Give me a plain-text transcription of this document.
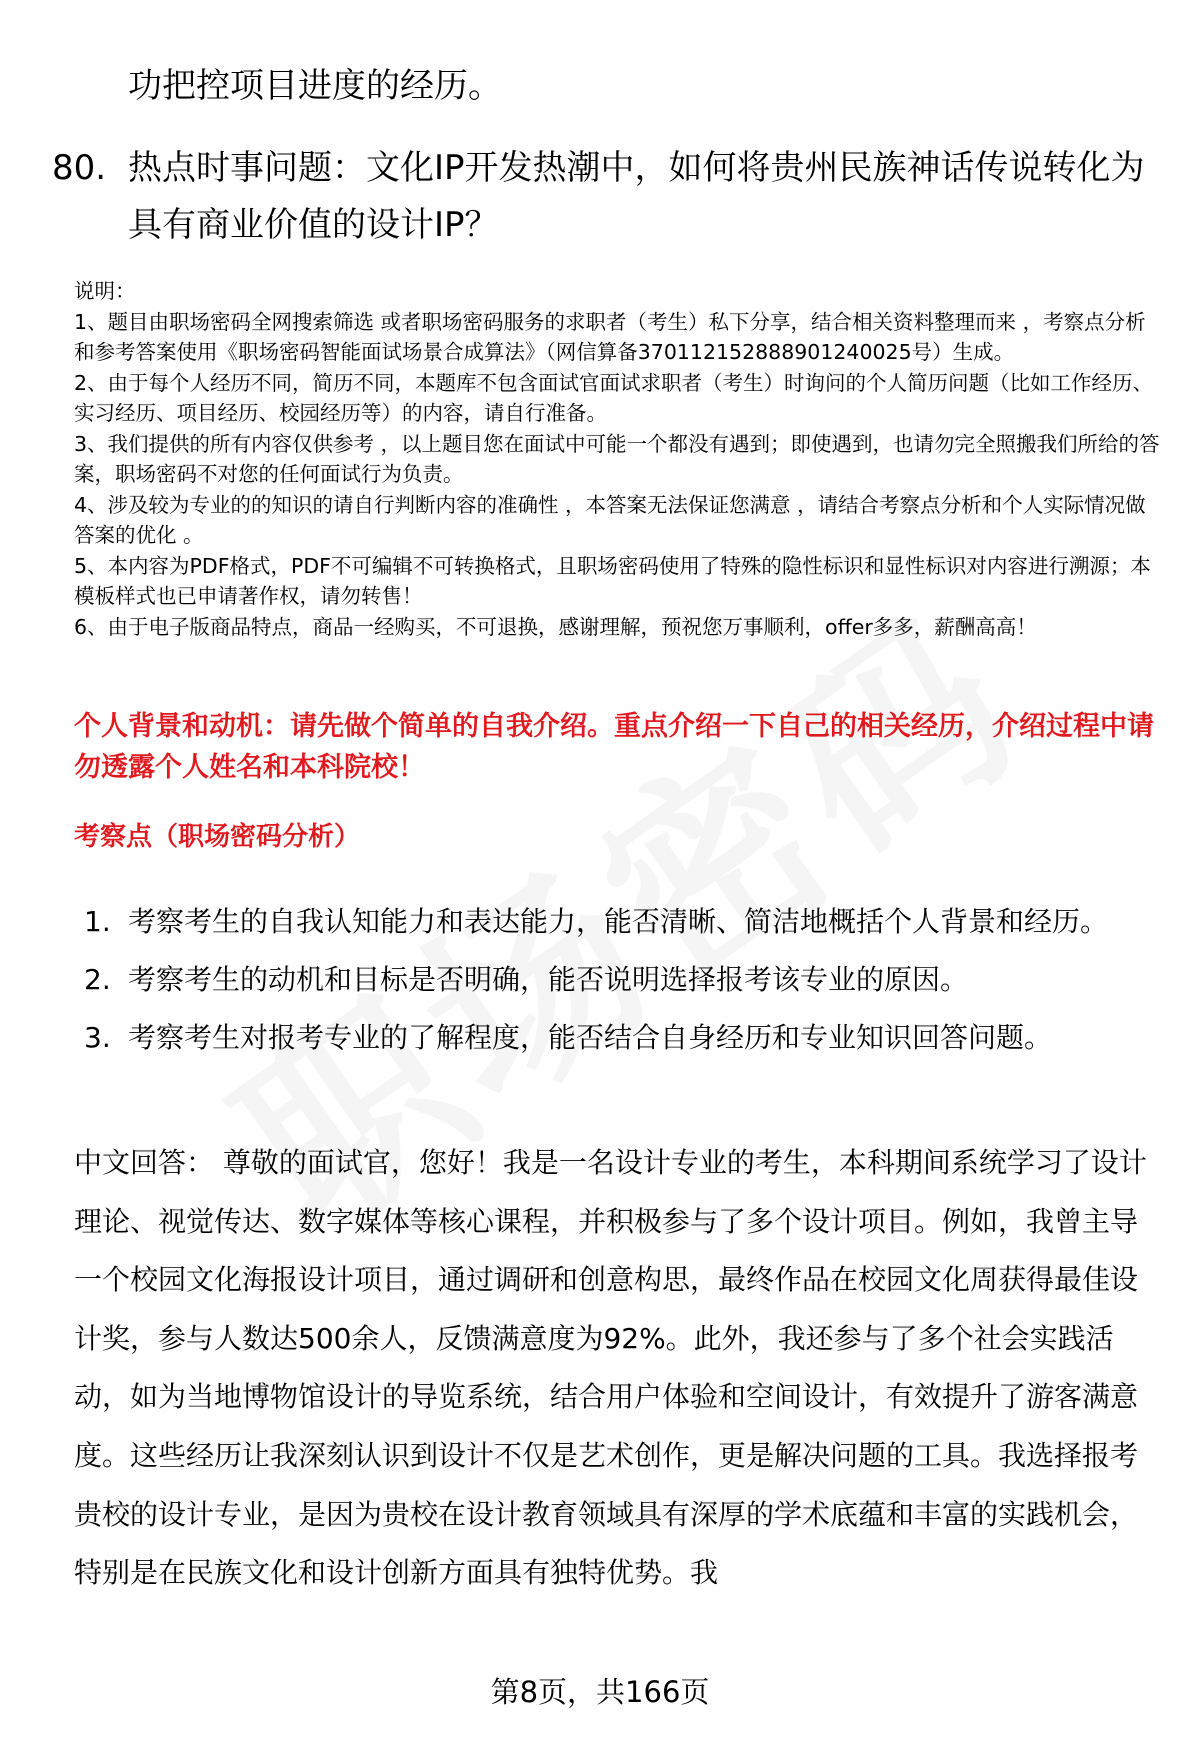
功把控项目进度的经历。

80. 热点时事问题：文化IP开发热潮中，如何将贵州民族神话传说转化为具有商业价值的设计IP？

说明：

1、题目由职场密码全网搜索筛选 或者职场密码服务的求职者（考生）私下分享，结合相关资料整理而来 ，考察点分析和参考答案使用《职场密码智能面试场景合成算法》（网信算备370112152888901240025号）生成。

2、由于每个人经历不同，简历不同，本题库不包含面试官面试求职者（考生）时询问的个人简历问题（比如工作经历、实习经历、项目经历、校园经历等）的内容，请自行准备。

3、我们提供的所有内容仅供参考 ，以上题目您在面试中可能一个都没有遇到；即使遇到，也请勿完全照搬我们所给的答案，职场密码不对您的任何面试行为负责。

4、涉及较为专业的的知识的请自行判断内容的准确性 ，本答案无法保证您满意 ，请结合考察点分析和个人实际情况做答案的优化 。

5、本内容为PDF格式，PDF不可编辑不可转换格式，且职场密码使用了特殊的隐性标识和显性标识对内容进行溯源；本模板样式也已申请著作权，请勿转售！

6、由于电子版商品特点，商品一经购买，不可退换，感谢理解，预祝您万事顺利，offer多多，薪酬高高！

个人背景和动机：请先做个简单的自我介绍。重点介绍一下自己的相关经历，介绍过程中请勿透露个人姓名和本科院校！

考察点（职场密码分析）

1. 考察考生的自我认知能力和表达能力，能否清晰、简洁地概括个人背景和经历。
2. 考察考生的动机和目标是否明确，能否说明选择报考该专业的原因。
3. 考察考生对报考专业的了解程度，能否结合自身经历和专业知识回答问题。

中文回答： 尊敬的面试官，您好！我是一名设计专业的考生，本科期间系统学习了设计理论、视觉传达、数字媒体等核心课程，并积极参与了多个设计项目。例如，我曾主导一个校园文化海报设计项目，通过调研和创意构思，最终作品在校园文化周获得最佳设计奖，参与人数达500余人，反馈满意度为92%。此外，我还参与了多个社会实践活动，如为当地博物馆设计的导览系统，结合用户体验和空间设计，有效提升了游客满意度。这些经历让我深刻认识到设计不仅是艺术创作，更是解决问题的工具。我选择报考贵校的设计专业，是因为贵校在设计教育领域具有深厚的学术底蕴和丰富的实践机会，特别是在民族文化和设计创新方面具有独特优势。我

第8页，共166页
